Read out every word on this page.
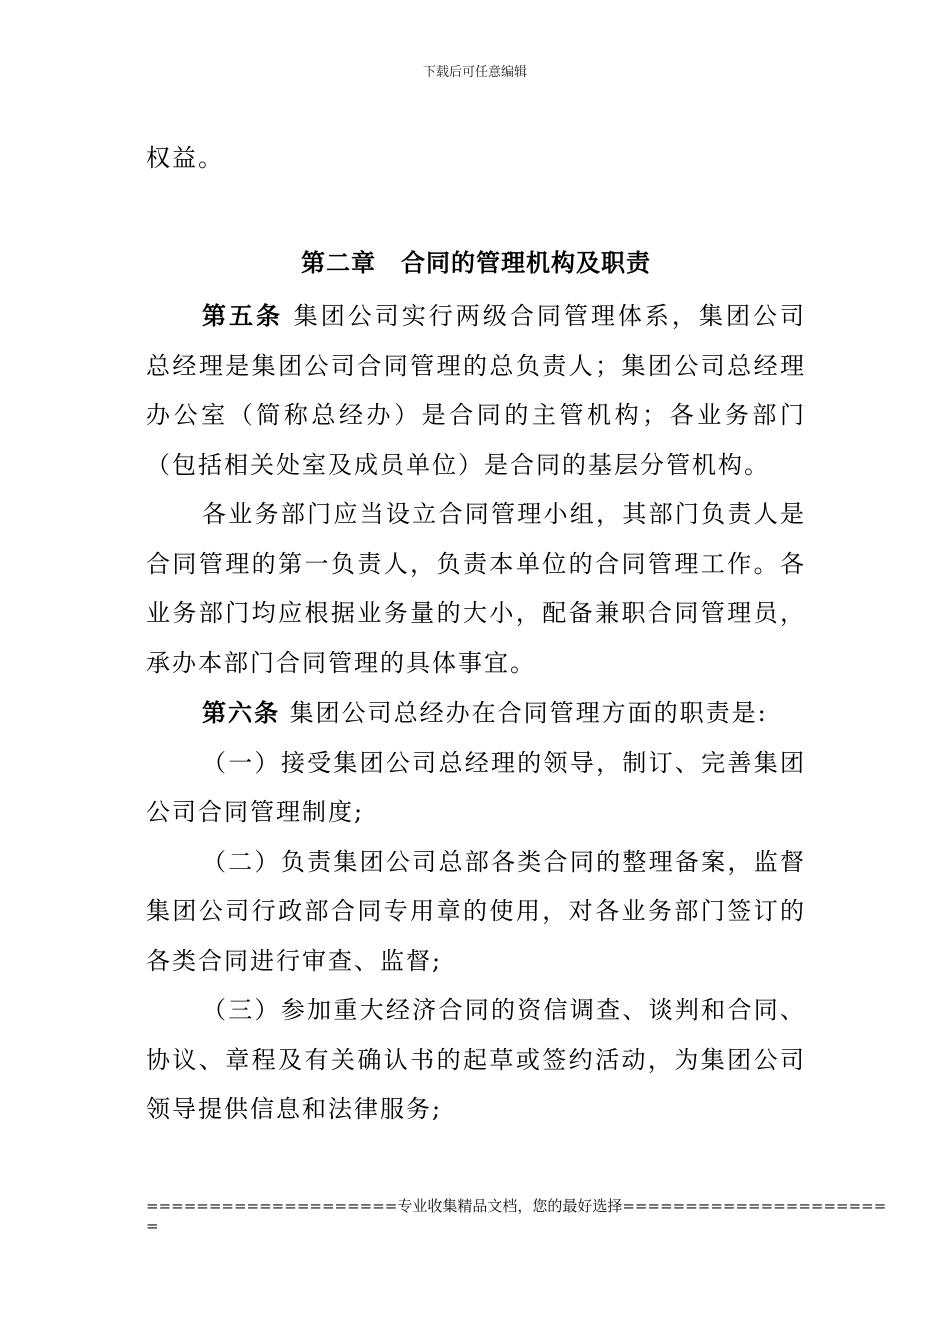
下载后可任意编辑

权益。

第二章　合同的管理机构及职责

第五条 集团公司实行两级合同管理体系，集团公司总经理是集团公司合同管理的总负责人；集团公司总经理办公室（简称总经办）是合同的主管机构；各业务部门（包括相关处室及成员单位）是合同的基层分管机构。

各业务部门应当设立合同管理小组，其部门负责人是合同管理的第一负责人，负责本单位的合同管理工作。各业务部门均应根据业务量的大小，配备兼职合同管理员，承办本部门合同管理的具体事宜。

第六条 集团公司总经办在合同管理方面的职责是:

（一）接受集团公司总经理的领导，制订、完善集团公司合同管理制度;

（二）负责集团公司总部各类合同的整理备案，监督集团公司行政部合同专用章的使用，对各业务部门签订的各类合同进行审查、监督;

（三）参加重大经济合同的资信调查、谈判和合同、协议、章程及有关确认书的起草或签约活动，为集团公司领导提供信息和法律服务;

====================专业收集精品文档，您的最好选择=====================
=
